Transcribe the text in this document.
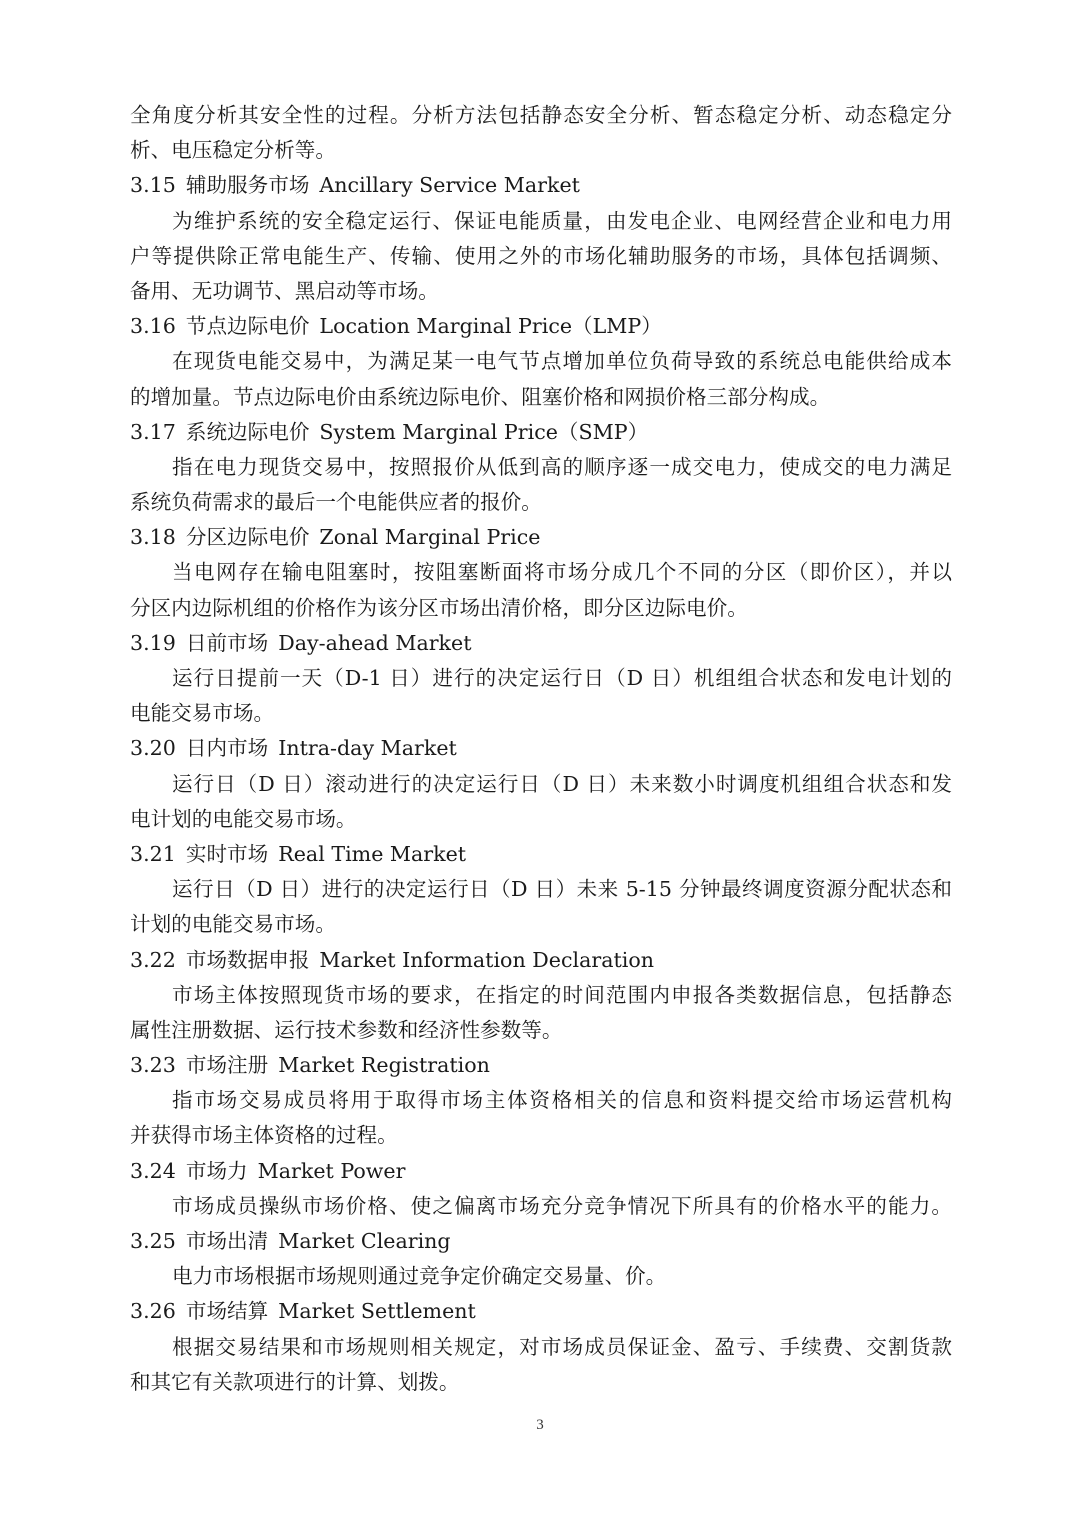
全角度分析其安全性的过程。分析方法包括静态安全分析、暂态稳定分析、动态稳定分
析、电压稳定分析等。
3.15 辅助服务市场 Ancillary Service Market
为维护系统的安全稳定运行、保证电能质量，由发电企业、电网经营企业和电力用
户等提供除正常电能生产、传输、使用之外的市场化辅助服务的市场，具体包括调频、
备用、无功调节、黑启动等市场。
3.16 节点边际电价 Location Marginal Price（LMP）
在现货电能交易中，为满足某一电气节点增加单位负荷导致的系统总电能供给成本
的增加量。节点边际电价由系统边际电价、阻塞价格和网损价格三部分构成。
3.17 系统边际电价 System Marginal Price（SMP）
指在电力现货交易中，按照报价从低到高的顺序逐一成交电力，使成交的电力满足
系统负荷需求的最后一个电能供应者的报价。
3.18 分区边际电价 Zonal Marginal Price
当电网存在输电阻塞时，按阻塞断面将市场分成几个不同的分区（即价区），并以
分区内边际机组的价格作为该分区市场出清价格，即分区边际电价。
3.19 日前市场 Day-ahead Market
运行日提前一天（D-1 日）进行的决定运行日（D 日）机组组合状态和发电计划的
电能交易市场。
3.20 日内市场 Intra-day Market
运行日（D 日）滚动进行的决定运行日（D 日）未来数小时调度机组组合状态和发
电计划的电能交易市场。
3.21 实时市场 Real Time Market
运行日（D 日）进行的决定运行日（D 日）未来 5-15 分钟最终调度资源分配状态和
计划的电能交易市场。
3.22 市场数据申报 Market Information Declaration
市场主体按照现货市场的要求，在指定的时间范围内申报各类数据信息，包括静态
属性注册数据、运行技术参数和经济性参数等。
3.23 市场注册 Market Registration
指市场交易成员将用于取得市场主体资格相关的信息和资料提交给市场运营机构
并获得市场主体资格的过程。
3.24 市场力 Market Power
市场成员操纵市场价格、使之偏离市场充分竞争情况下所具有的价格水平的能力。
3.25 市场出清 Market Clearing
电力市场根据市场规则通过竞争定价确定交易量、价。
3.26 市场结算 Market Settlement
根据交易结果和市场规则相关规定，对市场成员保证金、盈亏、手续费、交割货款
和其它有关款项进行的计算、划拨。
3
